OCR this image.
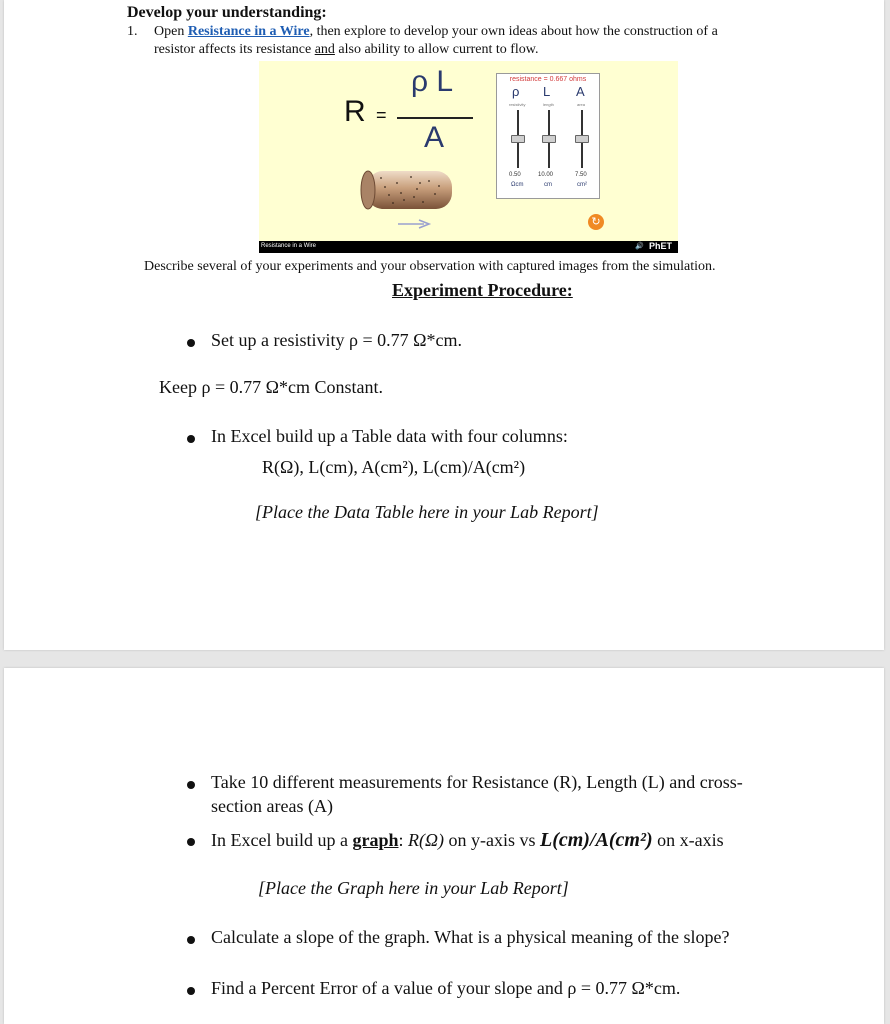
Develop your understanding:
1. Open Resistance in a Wire, then explore to develop your own ideas about how the construction of a
resistor affects its resistance and also ability to allow current to flow.
R =
ρ L
A
resistance = 0.667 ohms
ρ L A
resistivity	length	area
0.50	10.00	7.50
Ωcm	cm	cm²
↻
Resistance in a Wire	🔊 PhET
Describe several of your experiments and your observation with captured images from the simulation.
Experiment Procedure:
Set up a resistivity ρ = 0.77 Ω*cm.
Keep ρ = 0.77 Ω*cm Constant.
In Excel build up a Table data with four columns:
R(Ω), L(cm), A(cm²), L(cm)/A(cm²)
[Place the Data Table here in your Lab Report]
Take 10 different measurements for Resistance (R), Length (L) and cross-
section areas (A)
In Excel build up a graph: R(Ω) on y-axis vs L(cm)/A(cm²) on x-axis
[Place the Graph here in your Lab Report]
Calculate a slope of the graph. What is a physical meaning of the slope?
Find a Percent Error of a value of your slope and ρ = 0.77 Ω*cm.
